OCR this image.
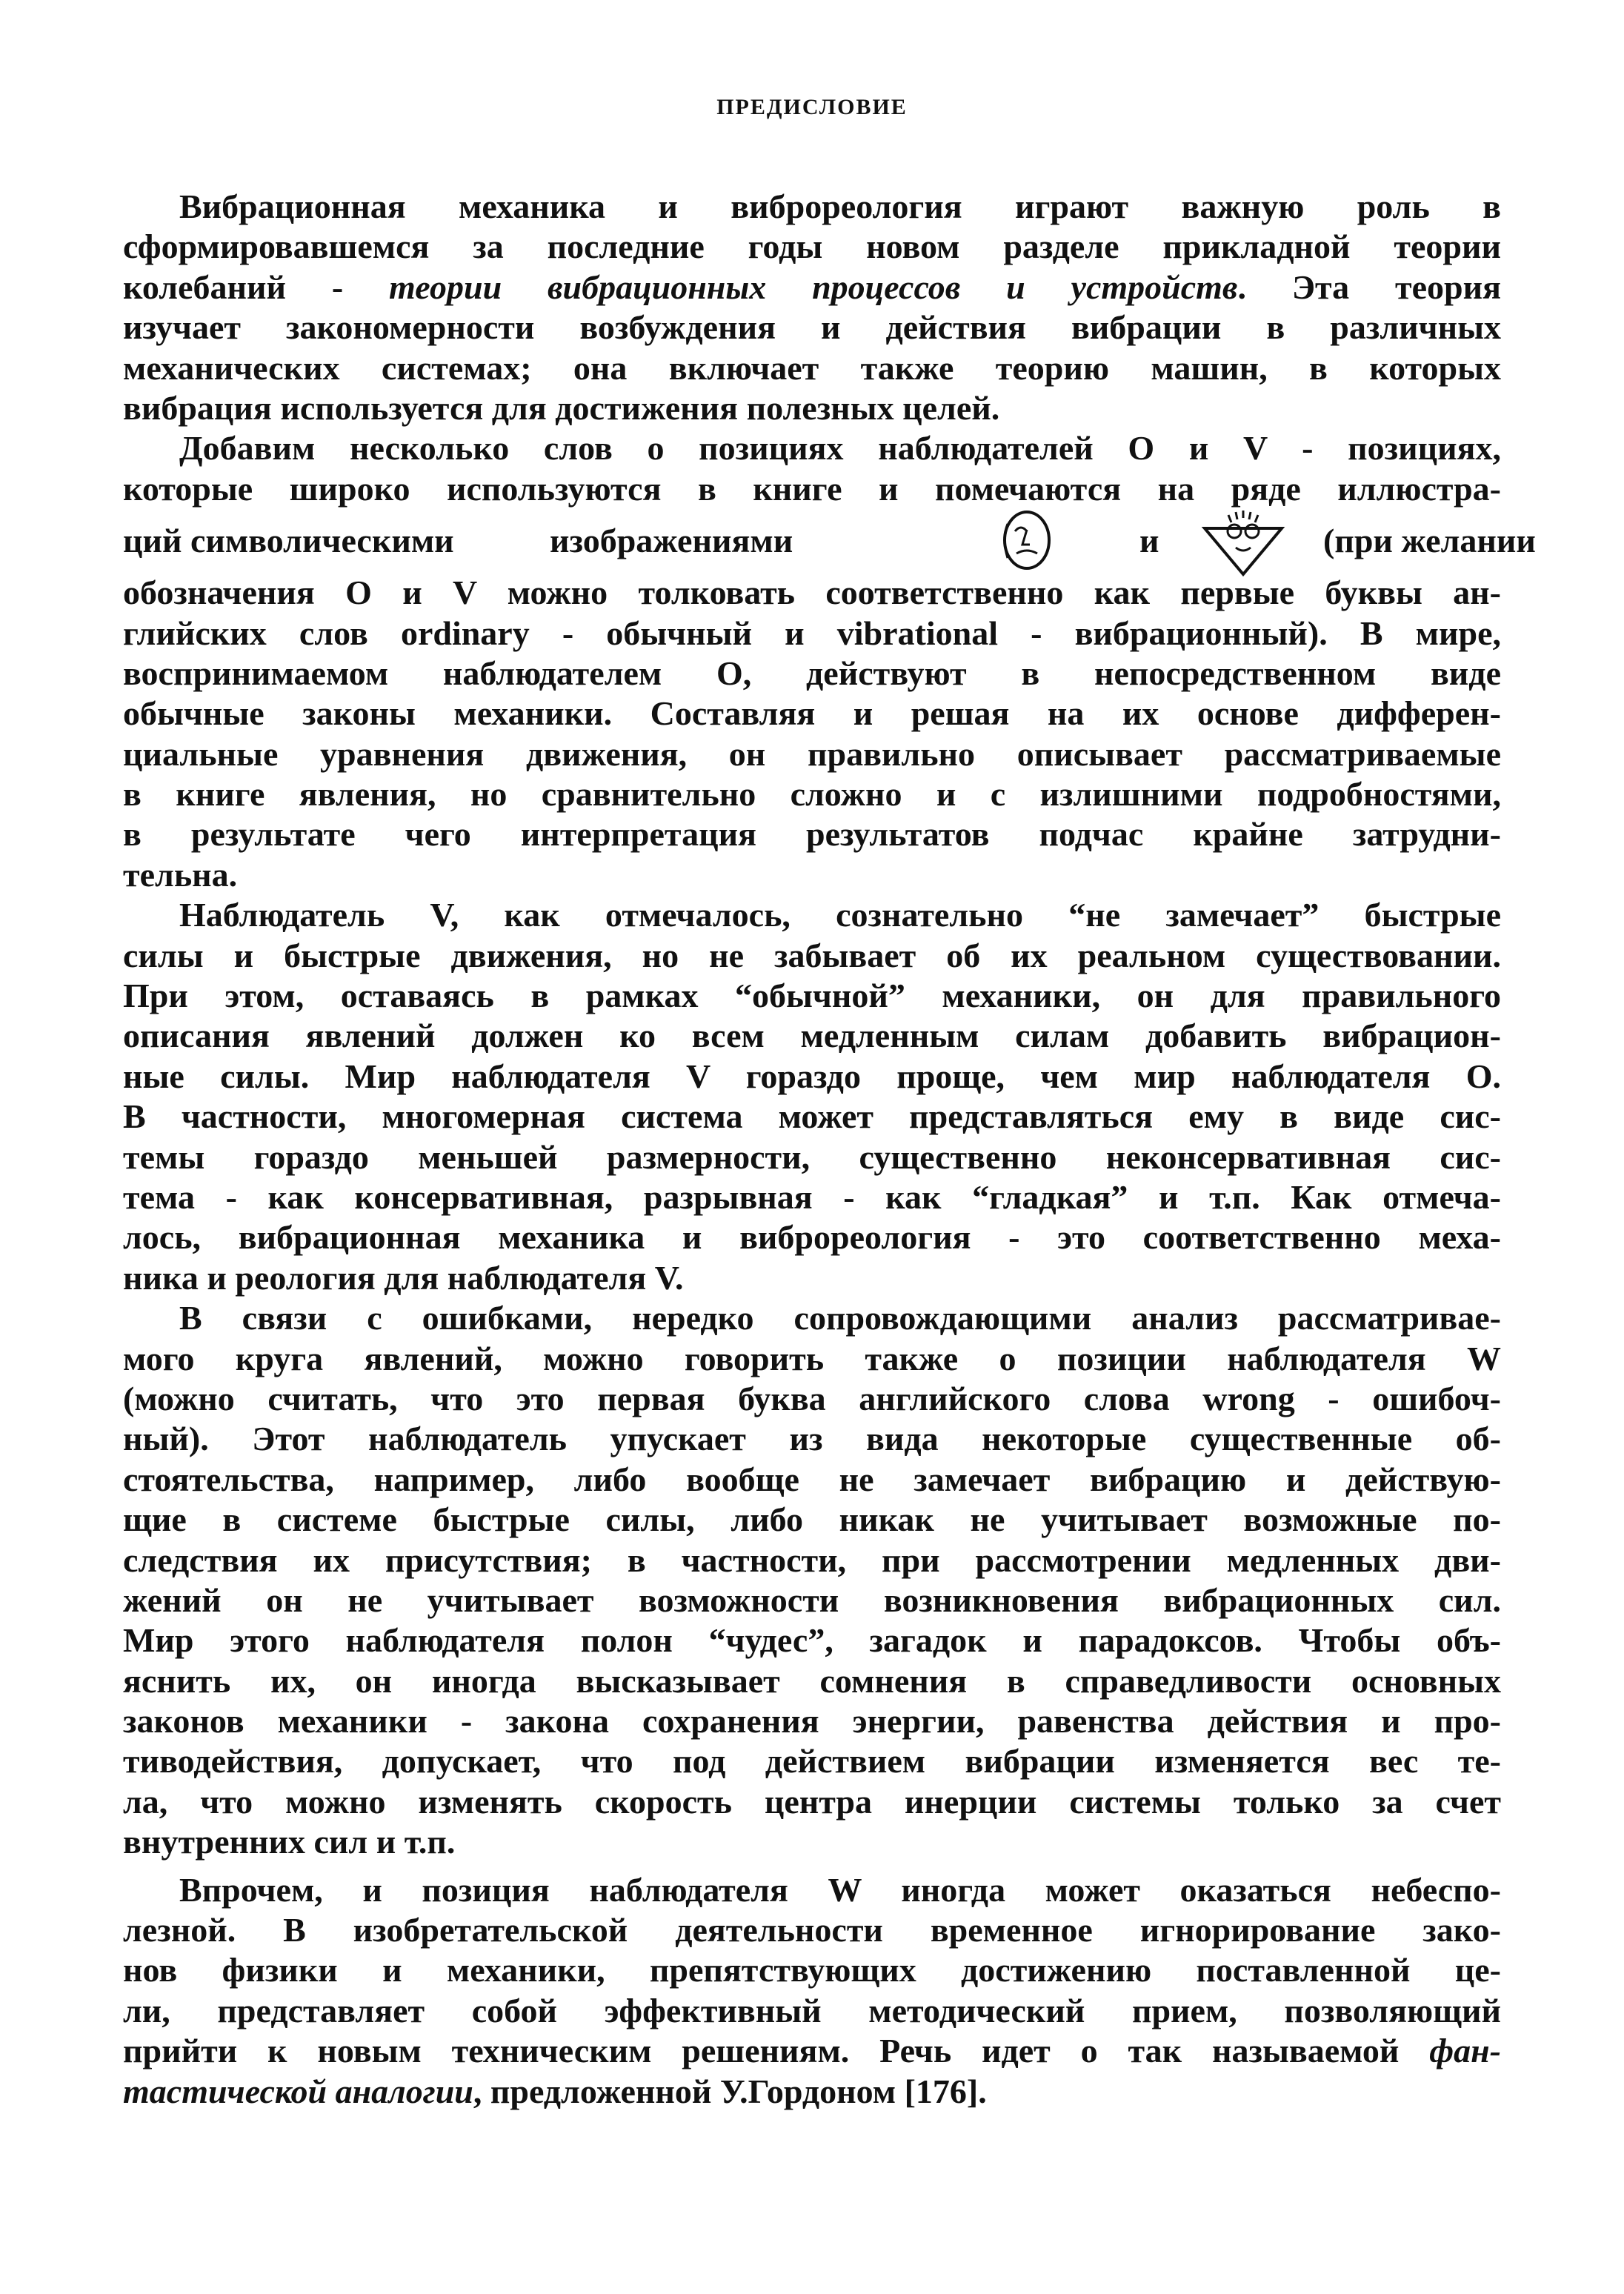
ПРЕДИСЛОВИЕ
Вибрационная механика и виброреология играют важную роль в
сформировавшемся за последние годы новом разделе прикладной теории
колебаний - теории вибрационных процессов и устройств. Эта теория
изучает закономерности возбуждения и действия вибрации в различных
механических системах; она включает также теорию машин, в которых
вибрация используется для достижения полезных целей.
Добавим несколько слов о позициях наблюдателей O и V - позициях,
которые широко используются в книге и помечаются на ряде иллюстра-
ций символическими	изображениями	и	(при желании
обозначения O и V можно толковать соответственно как первые буквы ан-
глийских слов ordinary - обычный и vibrational - вибрационный). В мире,
воспринимаемом наблюдателем O, действуют в непосредственном виде
обычные законы механики. Составляя и решая на их основе дифферен-
циальные уравнения движения, он правильно описывает рассматриваемые
в книге явления, но сравнительно сложно и с излишними подробностями,
в результате чего интерпретация результатов подчас крайне затрудни-
тельна.
Наблюдатель V, как отмечалось, сознательно “не замечает” быстрые
силы и быстрые движения, но не забывает об их реальном существовании.
При этом, оставаясь в рамках “обычной” механики, он для правильного
описания явлений должен ко всем медленным силам добавить вибрацион-
ные силы. Мир наблюдателя V гораздо проще, чем мир наблюдателя O.
В частности, многомерная система может представляться ему в виде сис-
темы гораздо меньшей размерности, существенно неконсервативная сис-
тема - как консервативная, разрывная - как “гладкая” и т.п. Как отмеча-
лось, вибрационная механика и виброреология - это соответственно меха-
ника и реология для наблюдателя V.
В связи с ошибками, нередко сопровождающими анализ рассматривае-
мого круга явлений, можно говорить также о позиции наблюдателя W
(можно считать, что это первая буква английского слова wrong - ошибоч-
ный). Этот наблюдатель упускает из вида некоторые существенные об-
стоятельства, например, либо вообще не замечает вибрацию и действую-
щие в системе быстрые силы, либо никак не учитывает возможные по-
следствия их присутствия; в частности, при рассмотрении медленных дви-
жений он не учитывает возможности возникновения вибрационных сил.
Мир этого наблюдателя полон “чудес”, загадок и парадоксов. Чтобы объ-
яснить их, он иногда высказывает сомнения в справедливости основных
законов механики - закона сохранения энергии, равенства действия и про-
тиводействия, допускает, что под действием вибрации изменяется вес те-
ла, что можно изменять скорость центра инерции системы только за счет
внутренних сил и т.п.
Впрочем, и позиция наблюдателя W иногда может оказаться небеспо-
лезной. В изобретательской деятельности временное игнорирование зако-
нов физики и механики, препятствующих достижению поставленной це-
ли, представляет собой эффективный методический прием, позволяющий
прийти к новым техническим решениям. Речь идет о так называемой фан-
тастической аналогии, предложенной У.Гордоном [176].
